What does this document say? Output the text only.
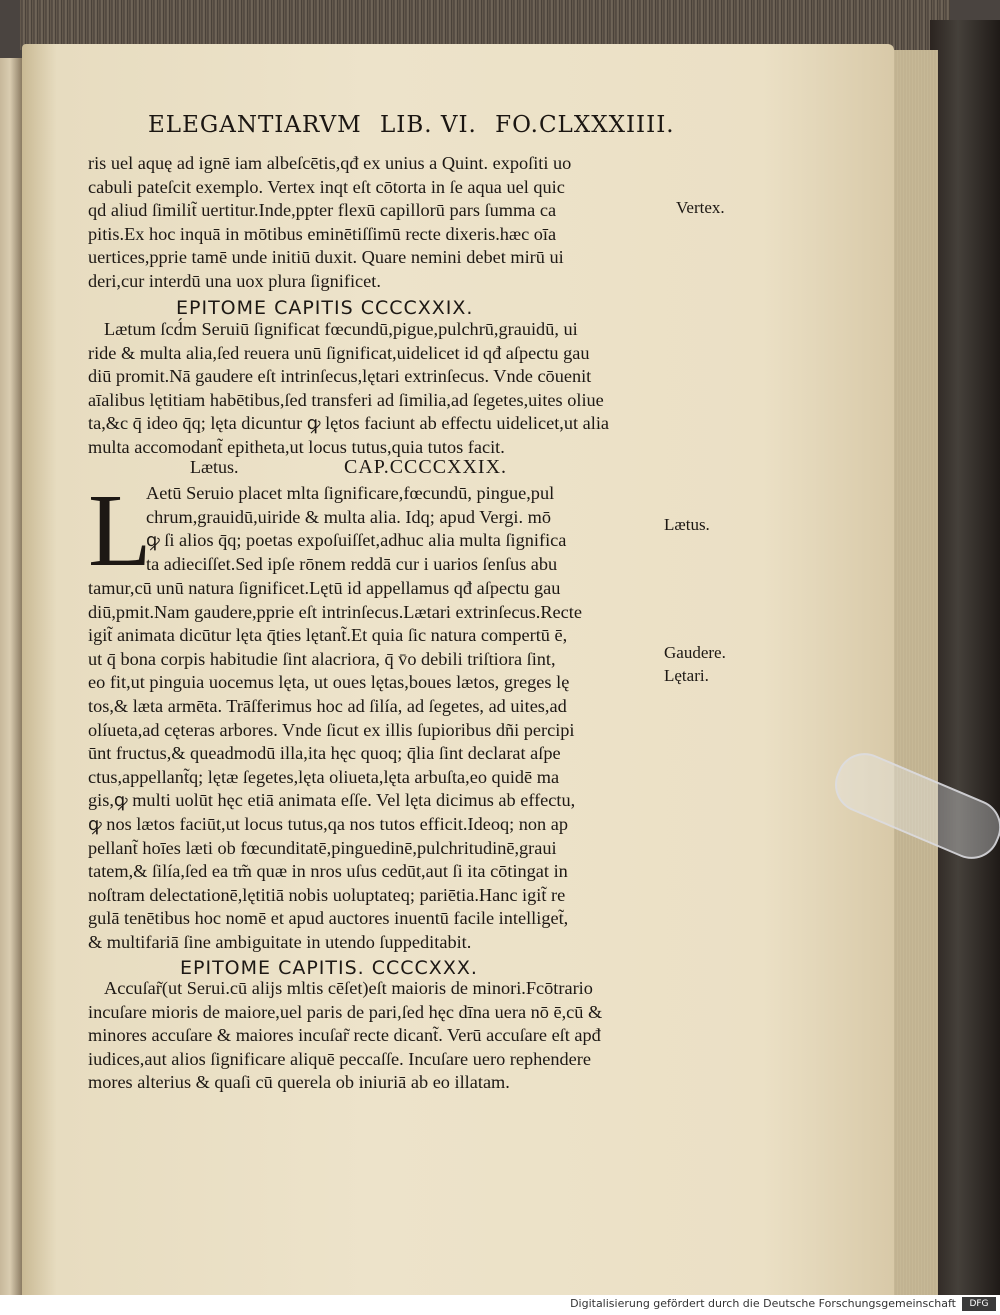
ELEGANTIARVM LIB. VI. FO.CLXXXIIII.
ris uel aquę ad ignē iam albeſcētis,qđ ex unius a Quint. expoſiti uo
cabuli pateſcit exemplo. Vertex inqt eſt cōtorta in ſe aqua uel quic
qd aliud ſimilit̃ uertitur.Inde,ppter flexū capillorū pars ſumma ca
pitis.Ex hoc inquā in mōtibus eminētiſſimū recte dixeris.hæc oīa
uertices,pprie tamē unde initiū duxit. Quare nemini debet mirū ui
deri,cur interdū una uox plura ſignificet.
EPITOME CAPITIS CCCCXXIX.
Lætum ſcd́m Seruiū ſignificat fœcundū,pigue,pulchrū,grauidū, ui
ride & multa alia,ſed reuera unū ſignificat,uidelicet id qđ aſpectu gau
diū promit.Nā gaudere eſt intrinſecus,lętari extrinſecus. Vnde cōuenit
aīalibus lętitiam habētibus,ſed transferi ad ſimilia,ad ſegetes,uites oliue
ta,&c q̄ ideo q̄q; lęta dicuntur ꝙ lętos faciunt ab effectu uidelicet,ut alia
multa accomodant̃ epitheta,ut locus tutus,quia tutos facit.
Lætus.	CAP.CCCCXXIX.
L
Aetū Seruio placet mlta ſignificare,fœcundū, pingue,pul
chrum,grauidū,uiride & multa alia. Idq; apud Vergi. mō
ꝙ ſi alios q̄q; poetas expoſuiſſet,adhuc alia multa ſignifica
ta adieciſſet.Sed ipſe rōnem reddā cur i uarios ſenſus abu
tamur,cū unū natura ſignificet.Lętū id appellamus qđ aſpectu gau
diū,pmit.Nam gaudere,pprie eſt intrinſecus.Lætari extrinſecus.Recte
igit̃ animata dicūtur lęta q̄ties lętant̃.Et quia ſic natura compertū ē,
ut q̄ bona corpis habitudie ſint alacriora, q̄ v̄o debili triſtiora ſint,
eo fit,ut pinguia uocemus lęta, ut oues lętas,boues lætos, greges lę
tos,& læta armēta. Trāſferimus hoc ad ſilía, ad ſegetes, ad uites,ad
olíueta,ad cęteras arbores. Vnde ſicut ex illis ſupioribus dñi percipi
ūnt fructus,& queadmodū illa,ita hęc quoq; q̄lia ſint declarat aſpe
ctus,appellant̃q; lętæ ſegetes,lęta oliueta,lęta arbuſta,eo quidē ma
gis,ꝙ multi uolūt hęc etiā animata eſſe. Vel lęta dicimus ab effectu,
ꝙ nos lætos faciūt,ut locus tutus,qa nos tutos efficit.Ideoq; non ap
pellant̃ hoīes læti ob fœcunditatē,pinguedinē,pulchritudinē,graui
tatem,& ſilía,ſed ea tm̃ quæ in nros uſus cedūt,aut ſi ita cōtingat in
noſtram delectationē,lętitiā nobis uoluptateq; pariētia.Hanc igit̃ re
gulā tenētibus hoc nomē et apud auctores inuentū facile intelliget̃,
& multifariā ſine ambiguitate in utendo ſuppeditabit.
EPITOME CAPITIS. CCCCXXX.
Accuſar̃(ut Serui.cū alijs mltis cēſet)eſt maioris de minori.Fcōtrario
incuſare mioris de maiore,uel paris de pari,ſed hęc dīna uera nō ē,cū &
minores accuſare & maiores incuſar̃ recte dicant̃. Verū accuſare eſt apđ
iudices,aut alios ſignificare aliquē peccaſſe. Incuſare uero rephendere
mores alterius & quaſi cū querela ob iniuriā ab eo illatam.
Vertex.
Lætus.
Gaudere.
Lętari.
Digitalisierung gefördert durch die Deutsche Forschungsgemeinschaft	DFG
